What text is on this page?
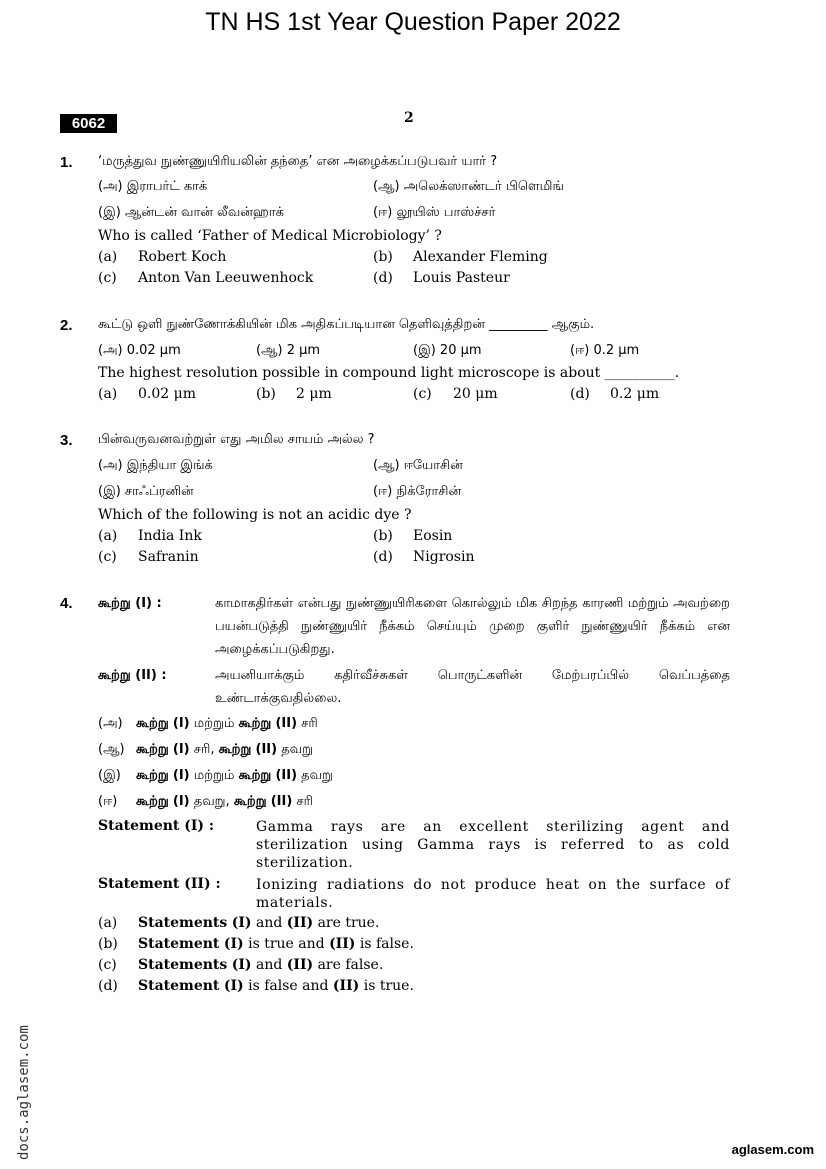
TN HS 1st Year Question Paper 2022
6062	2
1. ‘மருத்துவ நுண்ணுயிரியலின் தந்தை’ என அழைக்கப்படுபவர் யார் ?
(அ) இராபர்ட் காக்	(ஆ) அலெக்ஸாண்டர் பிளெமிங்
(இ) ஆன்டன் வான் லீவன்ஹாக்	(ஈ) லூயிஸ் பாஸ்ச்சர்
Who is called ‘Father of Medical Microbiology’ ?
(a) Robert Koch	(b) Alexander Fleming
(c) Anton Van Leeuwenhock	(d) Louis Pasteur
2. கூட்டு ஒளி நுண்ணோக்கியின் மிக அதிகப்படியான தெளிவுத்திறன் _________ ஆகும்.
(அ) 0.02 μm	(ஆ) 2 μm	(இ) 20 μm	(ஈ) 0.2 μm
The highest resolution possible in compound light microscope is about __________.
(a) 0.02 μm	(b) 2 μm	(c) 20 μm	(d) 0.2 μm
3. பின்வருவனவற்றுள் எது அமில சாயம் அல்ல ?
(அ) இந்தியா இங்க்	(ஆ) ஈயோசின்
(இ) சாஃப்ரனின்	(ஈ) நிக்ரோசின்
Which of the following is not an acidic dye ?
(a) India Ink	(b) Eosin
(c) Safranin	(d) Nigrosin
4. கூற்று (I) :	காமாகதிர்கள் என்பது நுண்ணுயிரிகளை கொல்லும் மிக சிறந்த காரணி மற்றும் அவற்றை பயன்படுத்தி நுண்ணுயிர் நீக்கம் செய்யும் முறை குளிர் நுண்ணுயிர் நீக்கம் என அழைக்கப்படுகிறது.
கூற்று (II) :	அயனியாக்கும் கதிர்வீச்சுகள் பொருட்களின் மேற்பரப்பில் வெப்பத்தை உண்டாக்குவதில்லை.
(அ) கூற்று (I) மற்றும் கூற்று (II) சரி
(ஆ) கூற்று (I) சரி, கூற்று (II) தவறு
(இ) கூற்று (I) மற்றும் கூற்று (II) தவறு
(ஈ) கூற்று (I) தவறு, கூற்று (II) சரி
Statement (I) :	Gamma rays are an excellent sterilizing agent and sterilization using Gamma rays is referred to as cold sterilization.
Statement (II) :	Ionizing radiations do not produce heat on the surface of materials.
(a) Statements (I) and (II) are true.
(b) Statement (I) is true and (II) is false.
(c) Statements (I) and (II) are false.
(d) Statement (I) is false and (II) is true.
docs.aglasem.com	aglasem.com
